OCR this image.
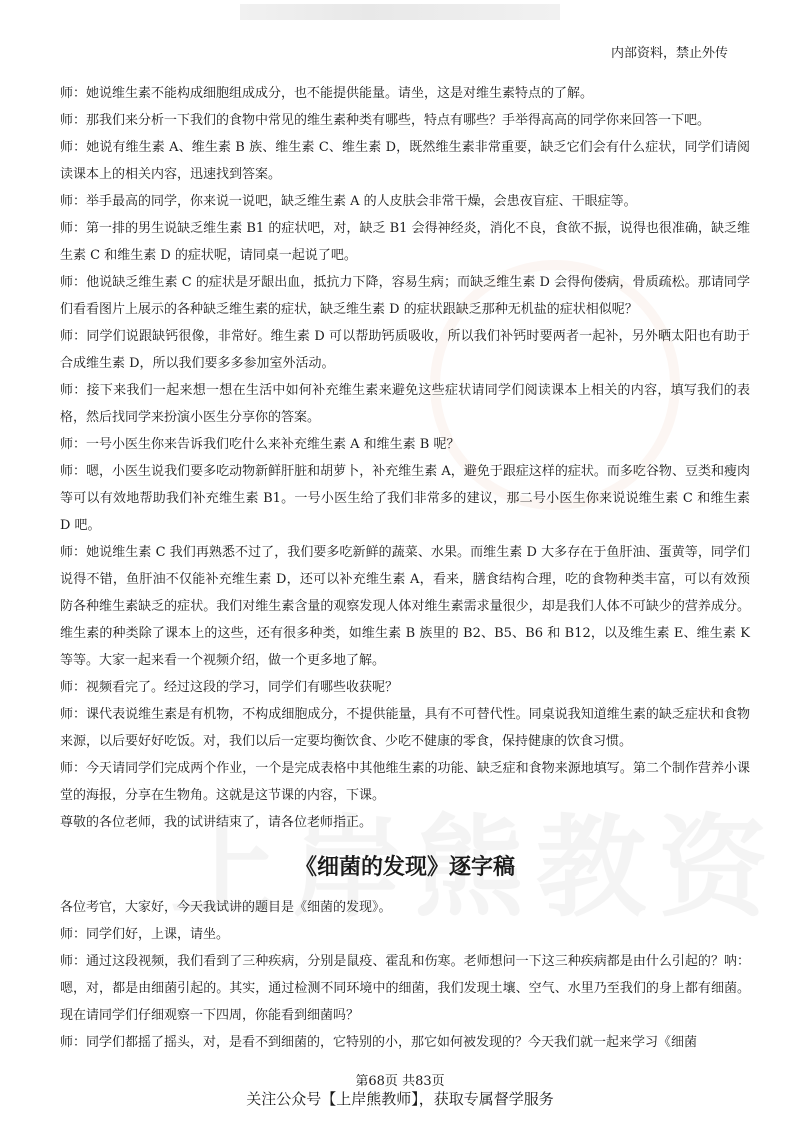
内部资料，禁止外传

师：她说维生素不能构成细胞组成成分，也不能提供能量。请坐，这是对维生素特点的了解。

师：那我们来分析一下我们的食物中常见的维生素种类有哪些，特点有哪些？手举得高高的同学你来回答一下吧。

师：她说有维生素 A、维生素 B 族、维生素 C、维生素 D，既然维生素非常重要，缺乏它们会有什么症状，同学们请阅读课本上的相关内容，迅速找到答案。

师：举手最高的同学，你来说一说吧，缺乏维生素 A 的人皮肤会非常干燥，会患夜盲症、干眼症等。

师：第一排的男生说缺乏维生素 B1 的症状吧，对，缺乏 B1 会得神经炎，消化不良，食欲不振，说得也很准确，缺乏维生素 C 和维生素 D 的症状呢，请同桌一起说了吧。

师：他说缺乏维生素 C 的症状是牙龈出血，抵抗力下降，容易生病；而缺乏维生素 D 会得佝偻病，骨质疏松。那请同学们看看图片上展示的各种缺乏维生素的症状，缺乏维生素 D 的症状跟缺乏那种无机盐的症状相似呢？

师：同学们说跟缺钙很像，非常好。维生素 D 可以帮助钙质吸收，所以我们补钙时要两者一起补，另外晒太阳也有助于合成维生素 D，所以我们要多多参加室外活动。

师：接下来我们一起来想一想在生活中如何补充维生素来避免这些症状请同学们阅读课本上相关的内容，填写我们的表格，然后找同学来扮演小医生分享你的答案。

师：一号小医生你来告诉我们吃什么来补充维生素 A 和维生素 B 呢？

师：嗯，小医生说我们要多吃动物新鲜肝脏和胡萝卜，补充维生素 A，避免于跟症这样的症状。而多吃谷物、豆类和瘦肉等可以有效地帮助我们补充维生素 B1。一号小医生给了我们非常多的建议，那二号小医生你来说说维生素 C 和维生素 D 吧。

师：她说维生素 C 我们再熟悉不过了，我们要多吃新鲜的蔬菜、水果。而维生素 D 大多存在于鱼肝油、蛋黄等，同学们说得不错，鱼肝油不仅能补充维生素 D，还可以补充维生素 A，看来，膳食结构合理，吃的食物种类丰富，可以有效预防各种维生素缺乏的症状。我们对维生素含量的观察发现人体对维生素需求量很少，却是我们人体不可缺少的营养成分。维生素的种类除了课本上的这些，还有很多种类，如维生素 B 族里的 B2、B5、B6 和 B12，以及维生素 E、维生素 K 等等。大家一起来看一个视频介绍，做一个更多地了解。

师：视频看完了。经过这段的学习，同学们有哪些收获呢？

师：课代表说维生素是有机物，不构成细胞成分，不提供能量，具有不可替代性。同桌说我知道维生素的缺乏症状和食物来源，以后要好好吃饭。对，我们以后一定要均衡饮食、少吃不健康的零食，保持健康的饮食习惯。

师：今天请同学们完成两个作业，一个是完成表格中其他维生素的功能、缺乏症和食物来源地填写。第二个制作营养小课堂的海报，分享在生物角。这就是这节课的内容，下课。

尊敬的各位老师，我的试讲结束了，请各位老师指正。

《细菌的发现》逐字稿

各位考官，大家好，今天我试讲的题目是《细菌的发现》。

师：同学们好，上课，请坐。

师：通过这段视频，我们看到了三种疾病，分别是鼠疫、霍乱和伤寒。老师想问一下这三种疾病都是由什么引起的？呐：嗯，对，都是由细菌引起的。其实，通过检测不同环境中的细菌，我们发现土壤、空气、水里乃至我们的身上都有细菌。现在请同学们仔细观察一下四周，你能看到细菌吗？

师：同学们都摇了摇头，对，是看不到细菌的，它特别的小，那它如何被发现的？今天我们就一起来学习《细菌

第68页 共83页
关注公众号【上岸熊教师】，获取专属督学服务
